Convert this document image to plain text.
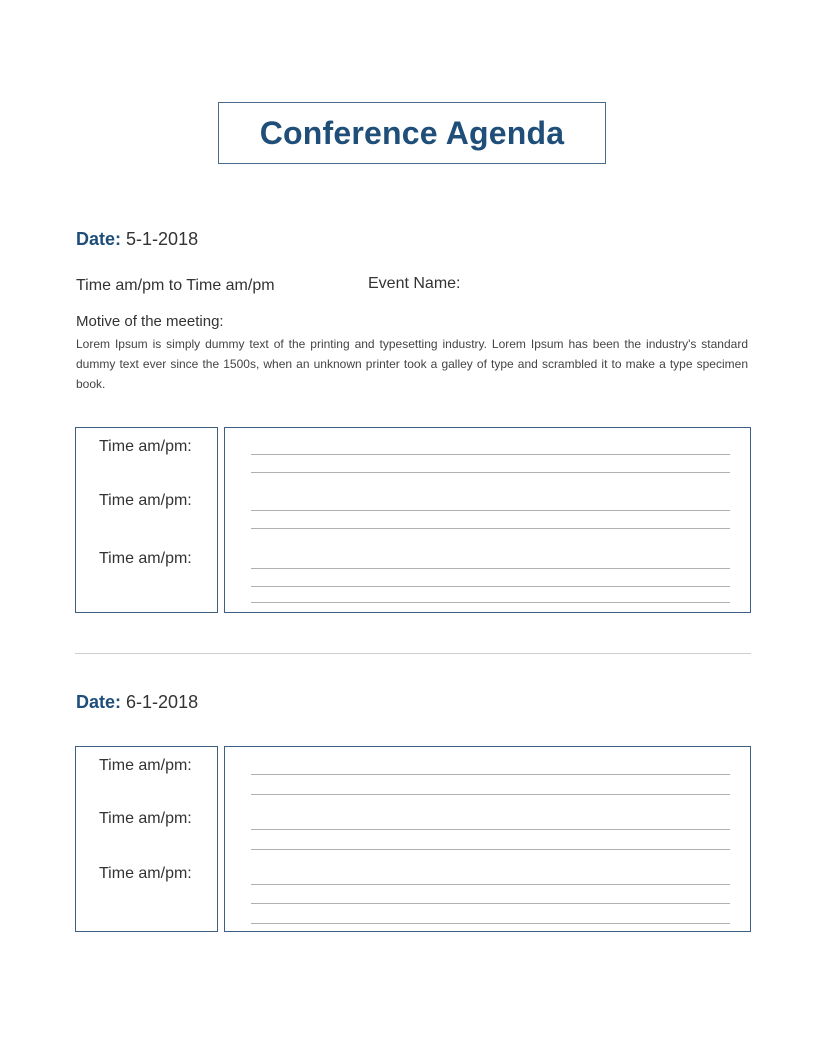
Conference Agenda
Date: 5-1-2018
Time am/pm to Time am/pm	Event Name:
Motive of the meeting:
Lorem Ipsum is simply dummy text of the printing and typesetting industry. Lorem Ipsum has been the industry's standard dummy text ever since the 1500s, when an unknown printer took a galley of type and scrambled it to make a type specimen book.
Time am/pm:
Time am/pm:
Time am/pm:
Date: 6-1-2018
Time am/pm:
Time am/pm:
Time am/pm:
